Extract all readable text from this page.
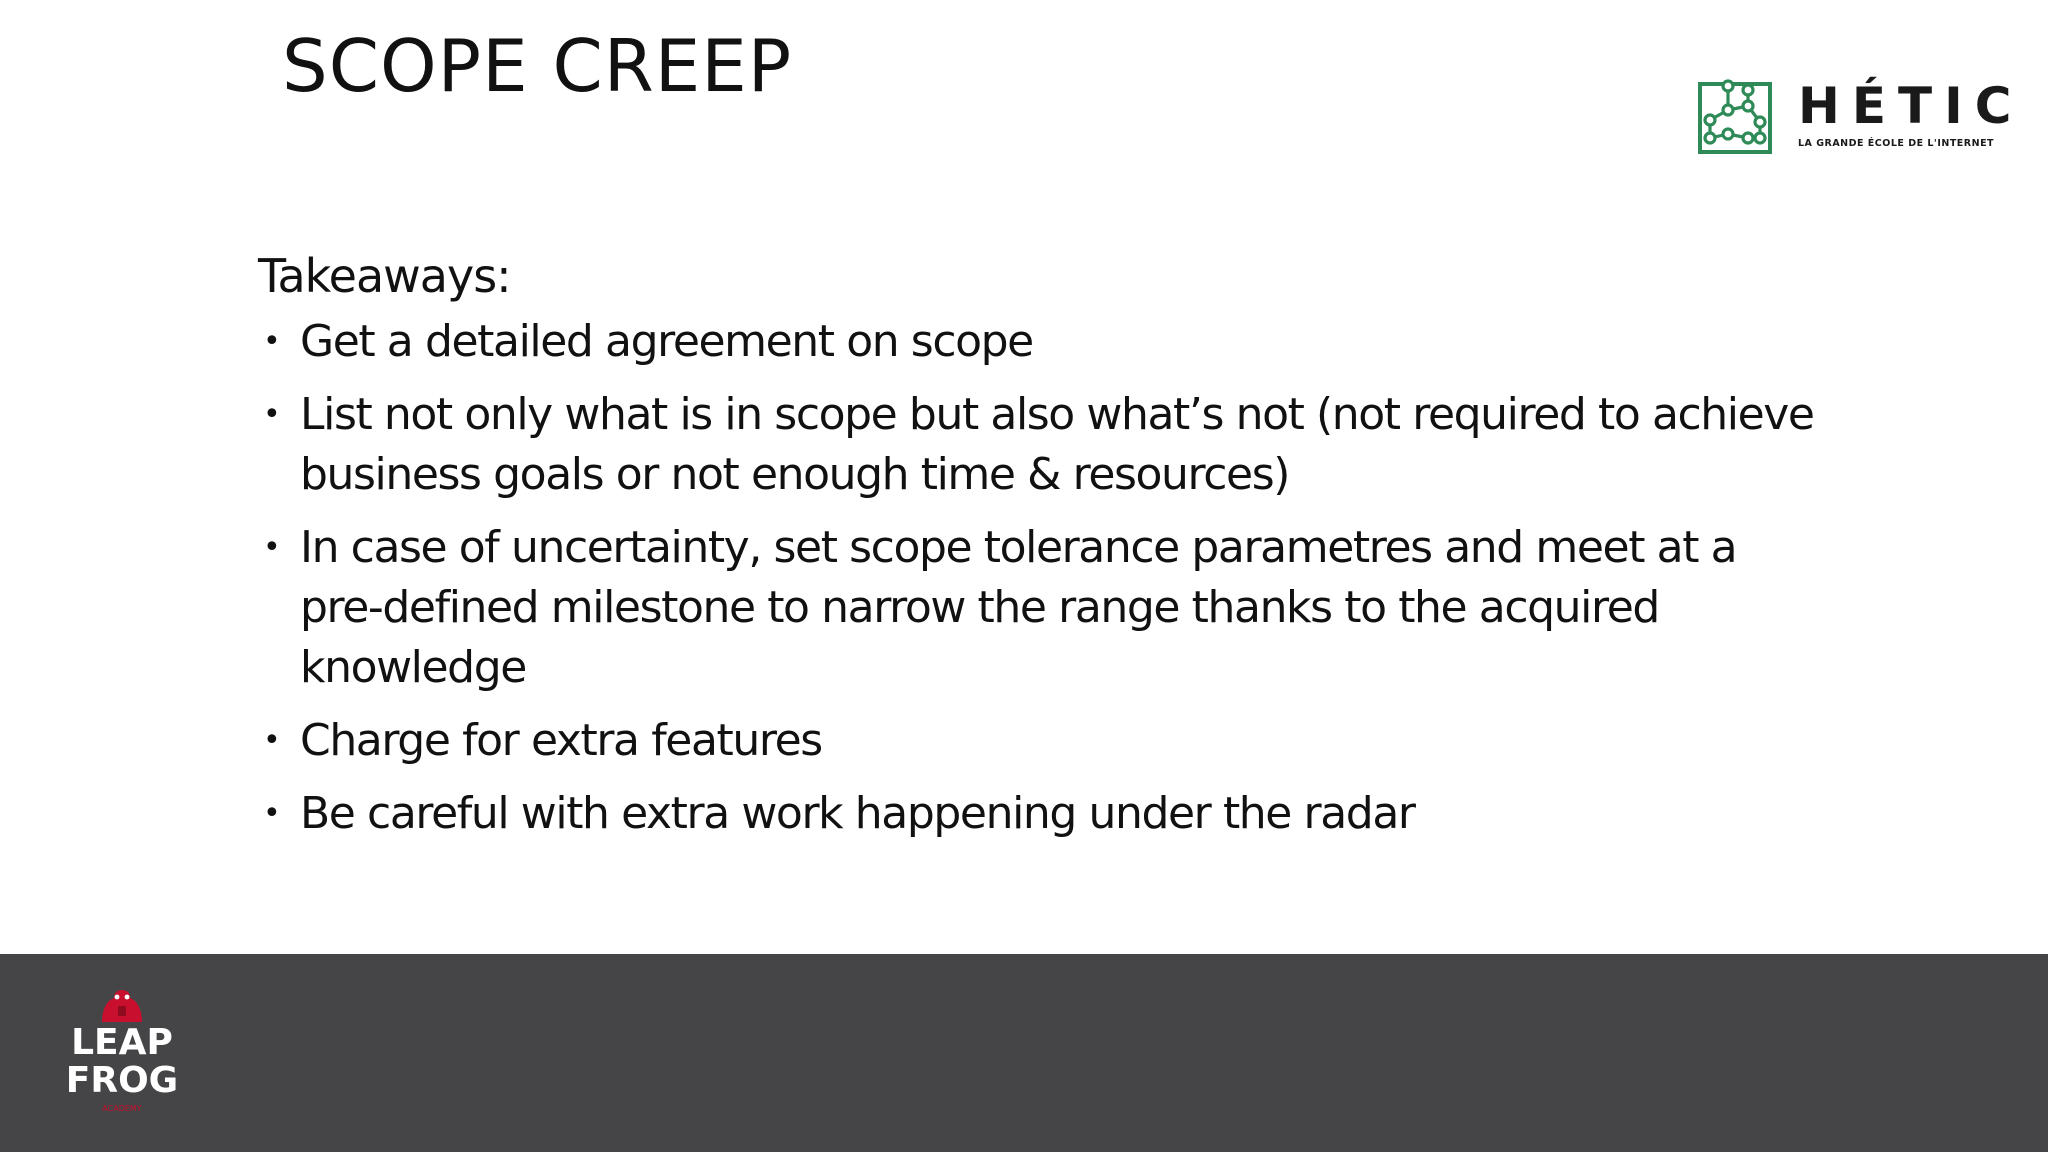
SCOPE CREEP	HÉTIC
LA GRANDE ÉCOLE DE L'INTERNET

Takeaways:

• Get a detailed agreement on scope
• List not only what is in scope but also what’s not (not required to achieve business goals or not enough time & resources)
• In case of uncertainty, set scope tolerance parametres and meet at a pre-defined milestone to narrow the range thanks to the acquired knowledge
• Charge for extra features
• Be careful with extra work happening under the radar
LEAP
FROG
ACADEMY
